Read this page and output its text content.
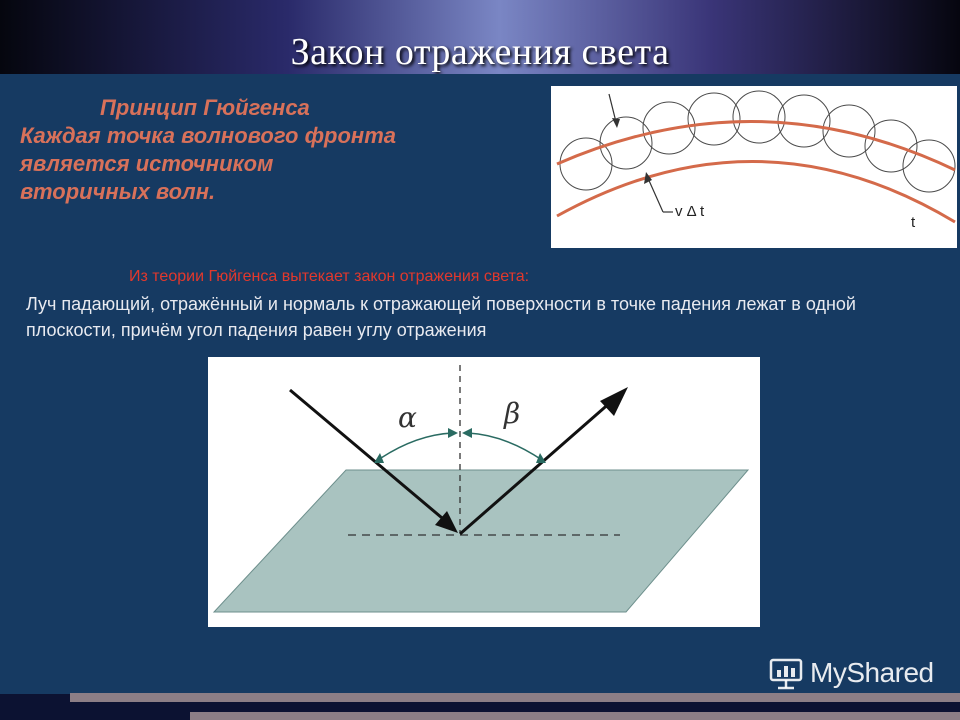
Закон отражения света
Принцип Гюйгенса
Каждая точка волнового фронта
является источником
вторичных волн.
v Δ t
t
Из теории Гюйгенса вытекает закон отражения света:
Луч падающий, отражённый и нормаль к отражающей поверхности в точке падения лежат в одной плоскости, причём угол падения равен углу отражения
α	β
MyShared
